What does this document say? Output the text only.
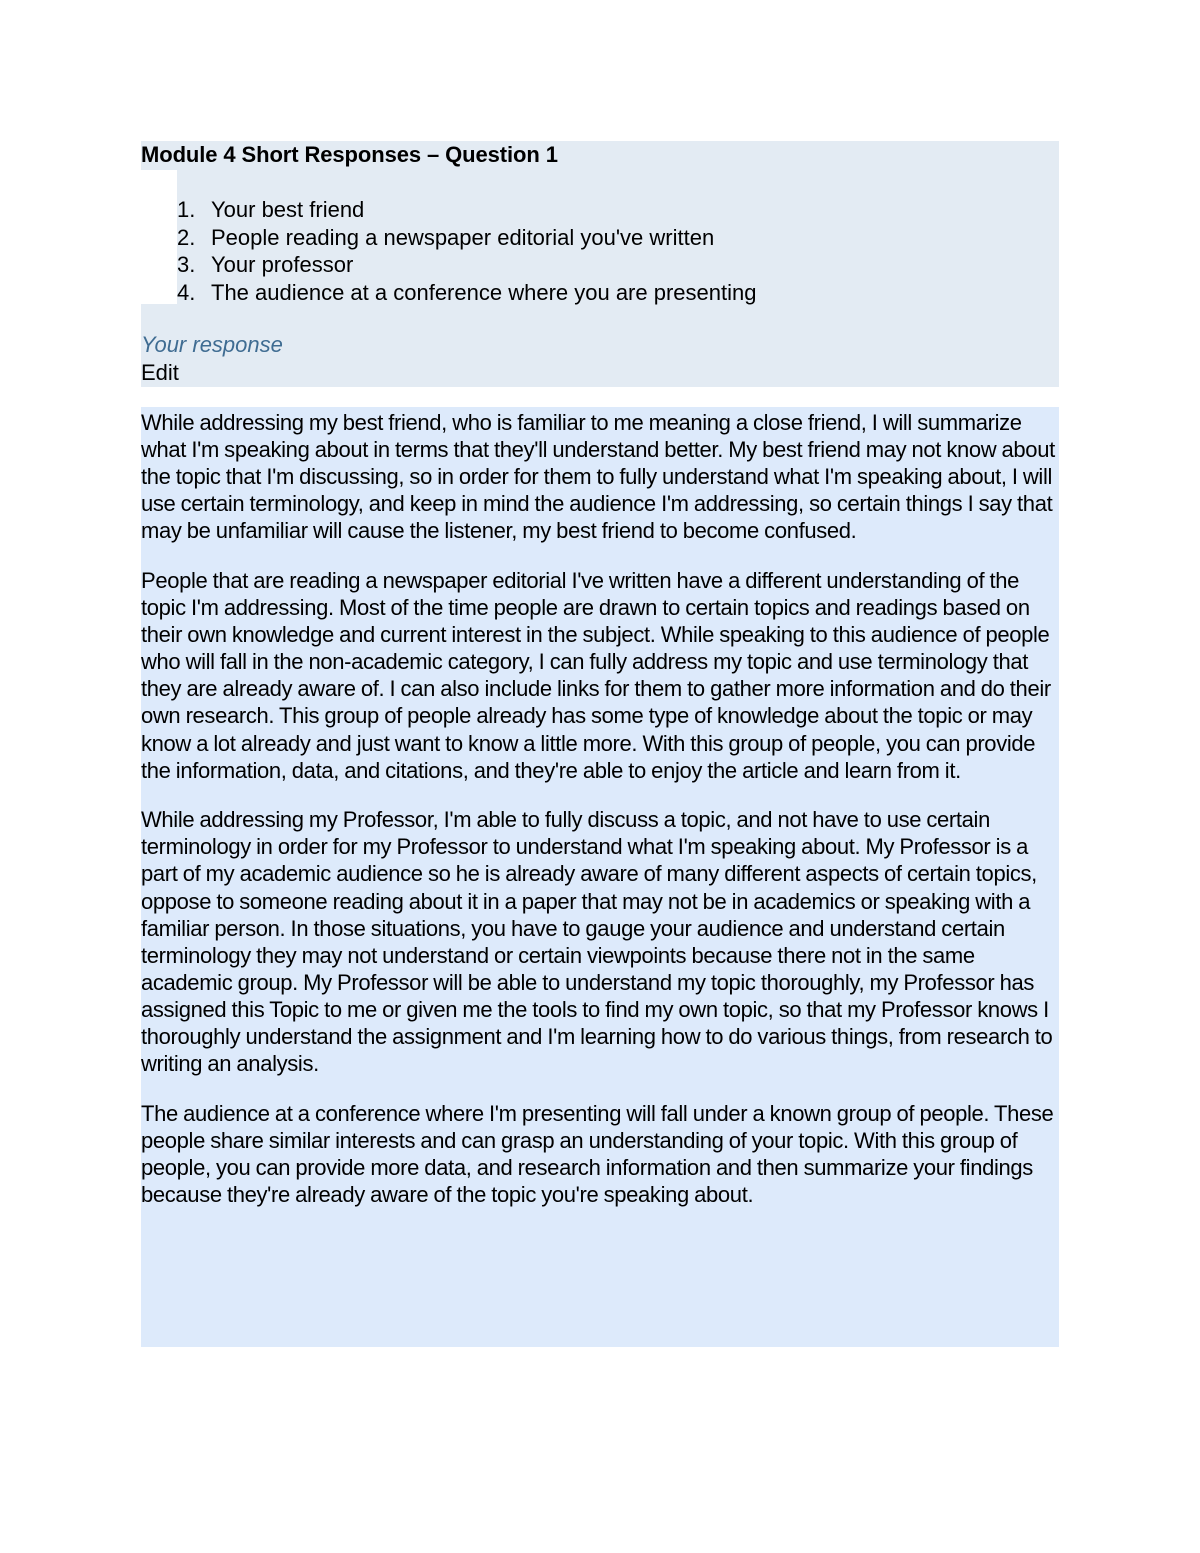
Module 4 Short Responses – Question 1
1. Your best friend
2. People reading a newspaper editorial you've written
3. Your professor
4. The audience at a conference where you are presenting
Your response
Edit

While addressing my best friend, who is familiar to me meaning a close friend, I will summarize what I'm speaking about in terms that they'll understand better. My best friend may not know about the topic that I'm discussing, so in order for them to fully understand what I'm speaking about, I will use certain terminology, and keep in mind the audience I'm addressing, so certain things I say that may be unfamiliar will cause the listener, my best friend to become confused.

People that are reading a newspaper editorial I've written have a different understanding of the topic I'm addressing. Most of the time people are drawn to certain topics and readings based on their own knowledge and current interest in the subject. While speaking to this audience of people who will fall in the non-academic category, I can fully address my topic and use terminology that they are already aware of. I can also include links for them to gather more information and do their own research. This group of people already has some type of knowledge about the topic or may know a lot already and just want to know a little more. With this group of people, you can provide the information, data, and citations, and they're able to enjoy the article and learn from it.

While addressing my Professor, I'm able to fully discuss a topic, and not have to use certain terminology in order for my Professor to understand what I'm speaking about. My Professor is a part of my academic audience so he is already aware of many different aspects of certain topics, oppose to someone reading about it in a paper that may not be in academics or speaking with a familiar person. In those situations, you have to gauge your audience and understand certain terminology they may not understand or certain viewpoints because there not in the same academic group. My Professor will be able to understand my topic thoroughly, my Professor has assigned this Topic to me or given me the tools to find my own topic, so that my Professor knows I thoroughly understand the assignment and I'm learning how to do various things, from research to writing an analysis.

The audience at a conference where I'm presenting will fall under a known group of people. These people share similar interests and can grasp an understanding of your topic. With this group of people, you can provide more data, and research information and then summarize your findings because they're already aware of the topic you're speaking about.
